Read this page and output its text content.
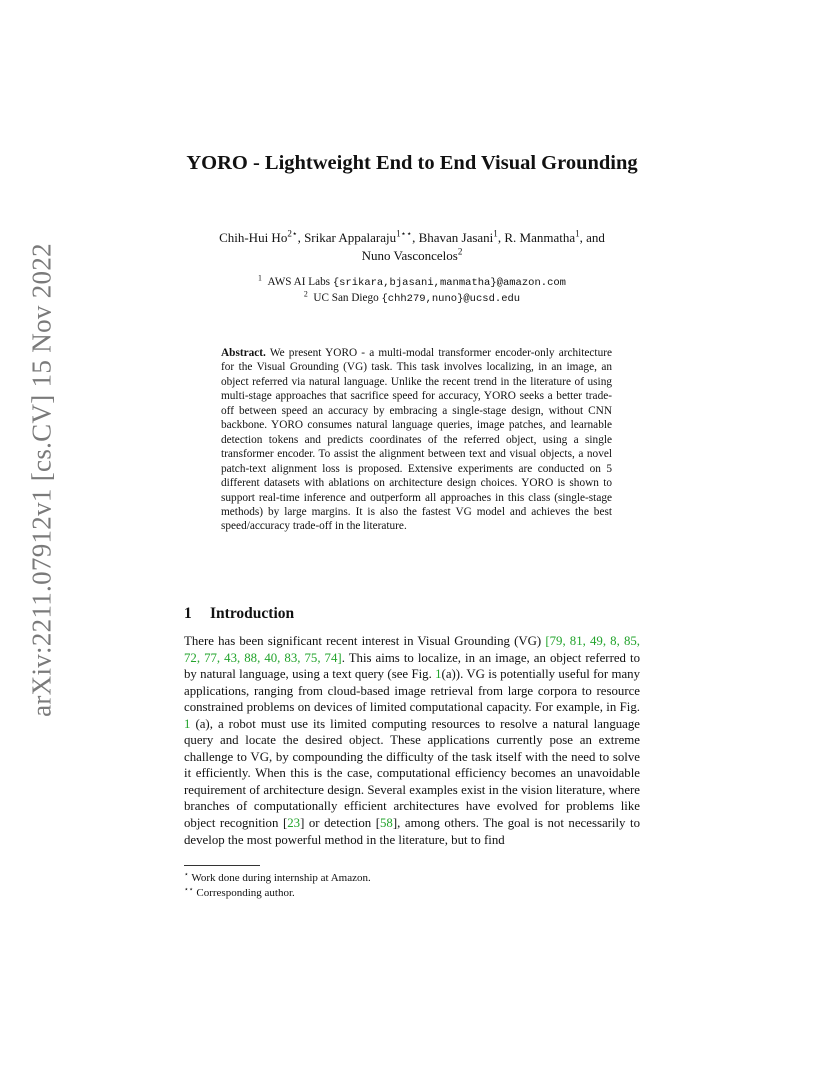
arXiv:2211.07912v1 [cs.CV] 15 Nov 2022
YORO - Lightweight End to End Visual Grounding
Chih-Hui $Ho^{2⋆}$, Srikar Appalaraju$^{1⋆⋆}$, Bhavan Jasani$^1$, R. Manmatha$^1$, and
Nuno Vasconcelos$^2$
$^1$ AWS AI Labs {srikara,bjasani,manmatha}@amazon.com
$^2$ UC San Diego {chh279,nuno}@ucsd.edu
Abstract. We present YORO - a multi-modal transformer encoder-only architecture for the Visual Grounding (VG) task. This task involves localizing, in an image, an object referred via natural language. Unlike the recent trend in the literature of using multi-stage approaches that sacrifice speed for accuracy, YORO seeks a better trade-off between speed an accuracy by embracing a single-stage design, without CNN backbone. YORO consumes natural language queries, image patches, and learnable detection tokens and predicts coordinates of the referred object, using a single transformer encoder. To assist the alignment between text and visual objects, a novel patch-text alignment loss is proposed. Extensive experiments are conducted on 5 different datasets with ablations on architecture design choices. YORO is shown to support real-time inference and outperform all approaches in this class (single-stage methods) by large margins. It is also the fastest VG model and achieves the best speed/accuracy trade-off in the literature.
1 Introduction
There has been significant recent interest in Visual Grounding (VG) [79, 81, 49, 8, 85, 72, 77, 43, 88, 40, 83, 75, 74]. This aims to localize, in an image, an object referred to by natural language, using a text query (see Fig. 1(a)). VG is potentially useful for many applications, ranging from cloud-based image retrieval from large corpora to resource constrained problems on devices of limited computational capacity. For example, in Fig. 1 (a), a robot must use its limited computing resources to resolve a natural language query and locate the desired object. These applications currently pose an extreme challenge to VG, by compounding the difficulty of the task itself with the need to solve it efficiently. When this is the case, computational efficiency becomes an unavoidable requirement of architecture design. Several examples exist in the vision literature, where branches of computationally efficient architectures have evolved for problems like object recognition [23] or detection [58], among others. The goal is not necessarily to develop the most powerful method in the literature, but to find
⋆ Work done during internship at Amazon.
⋆⋆ Corresponding author.
